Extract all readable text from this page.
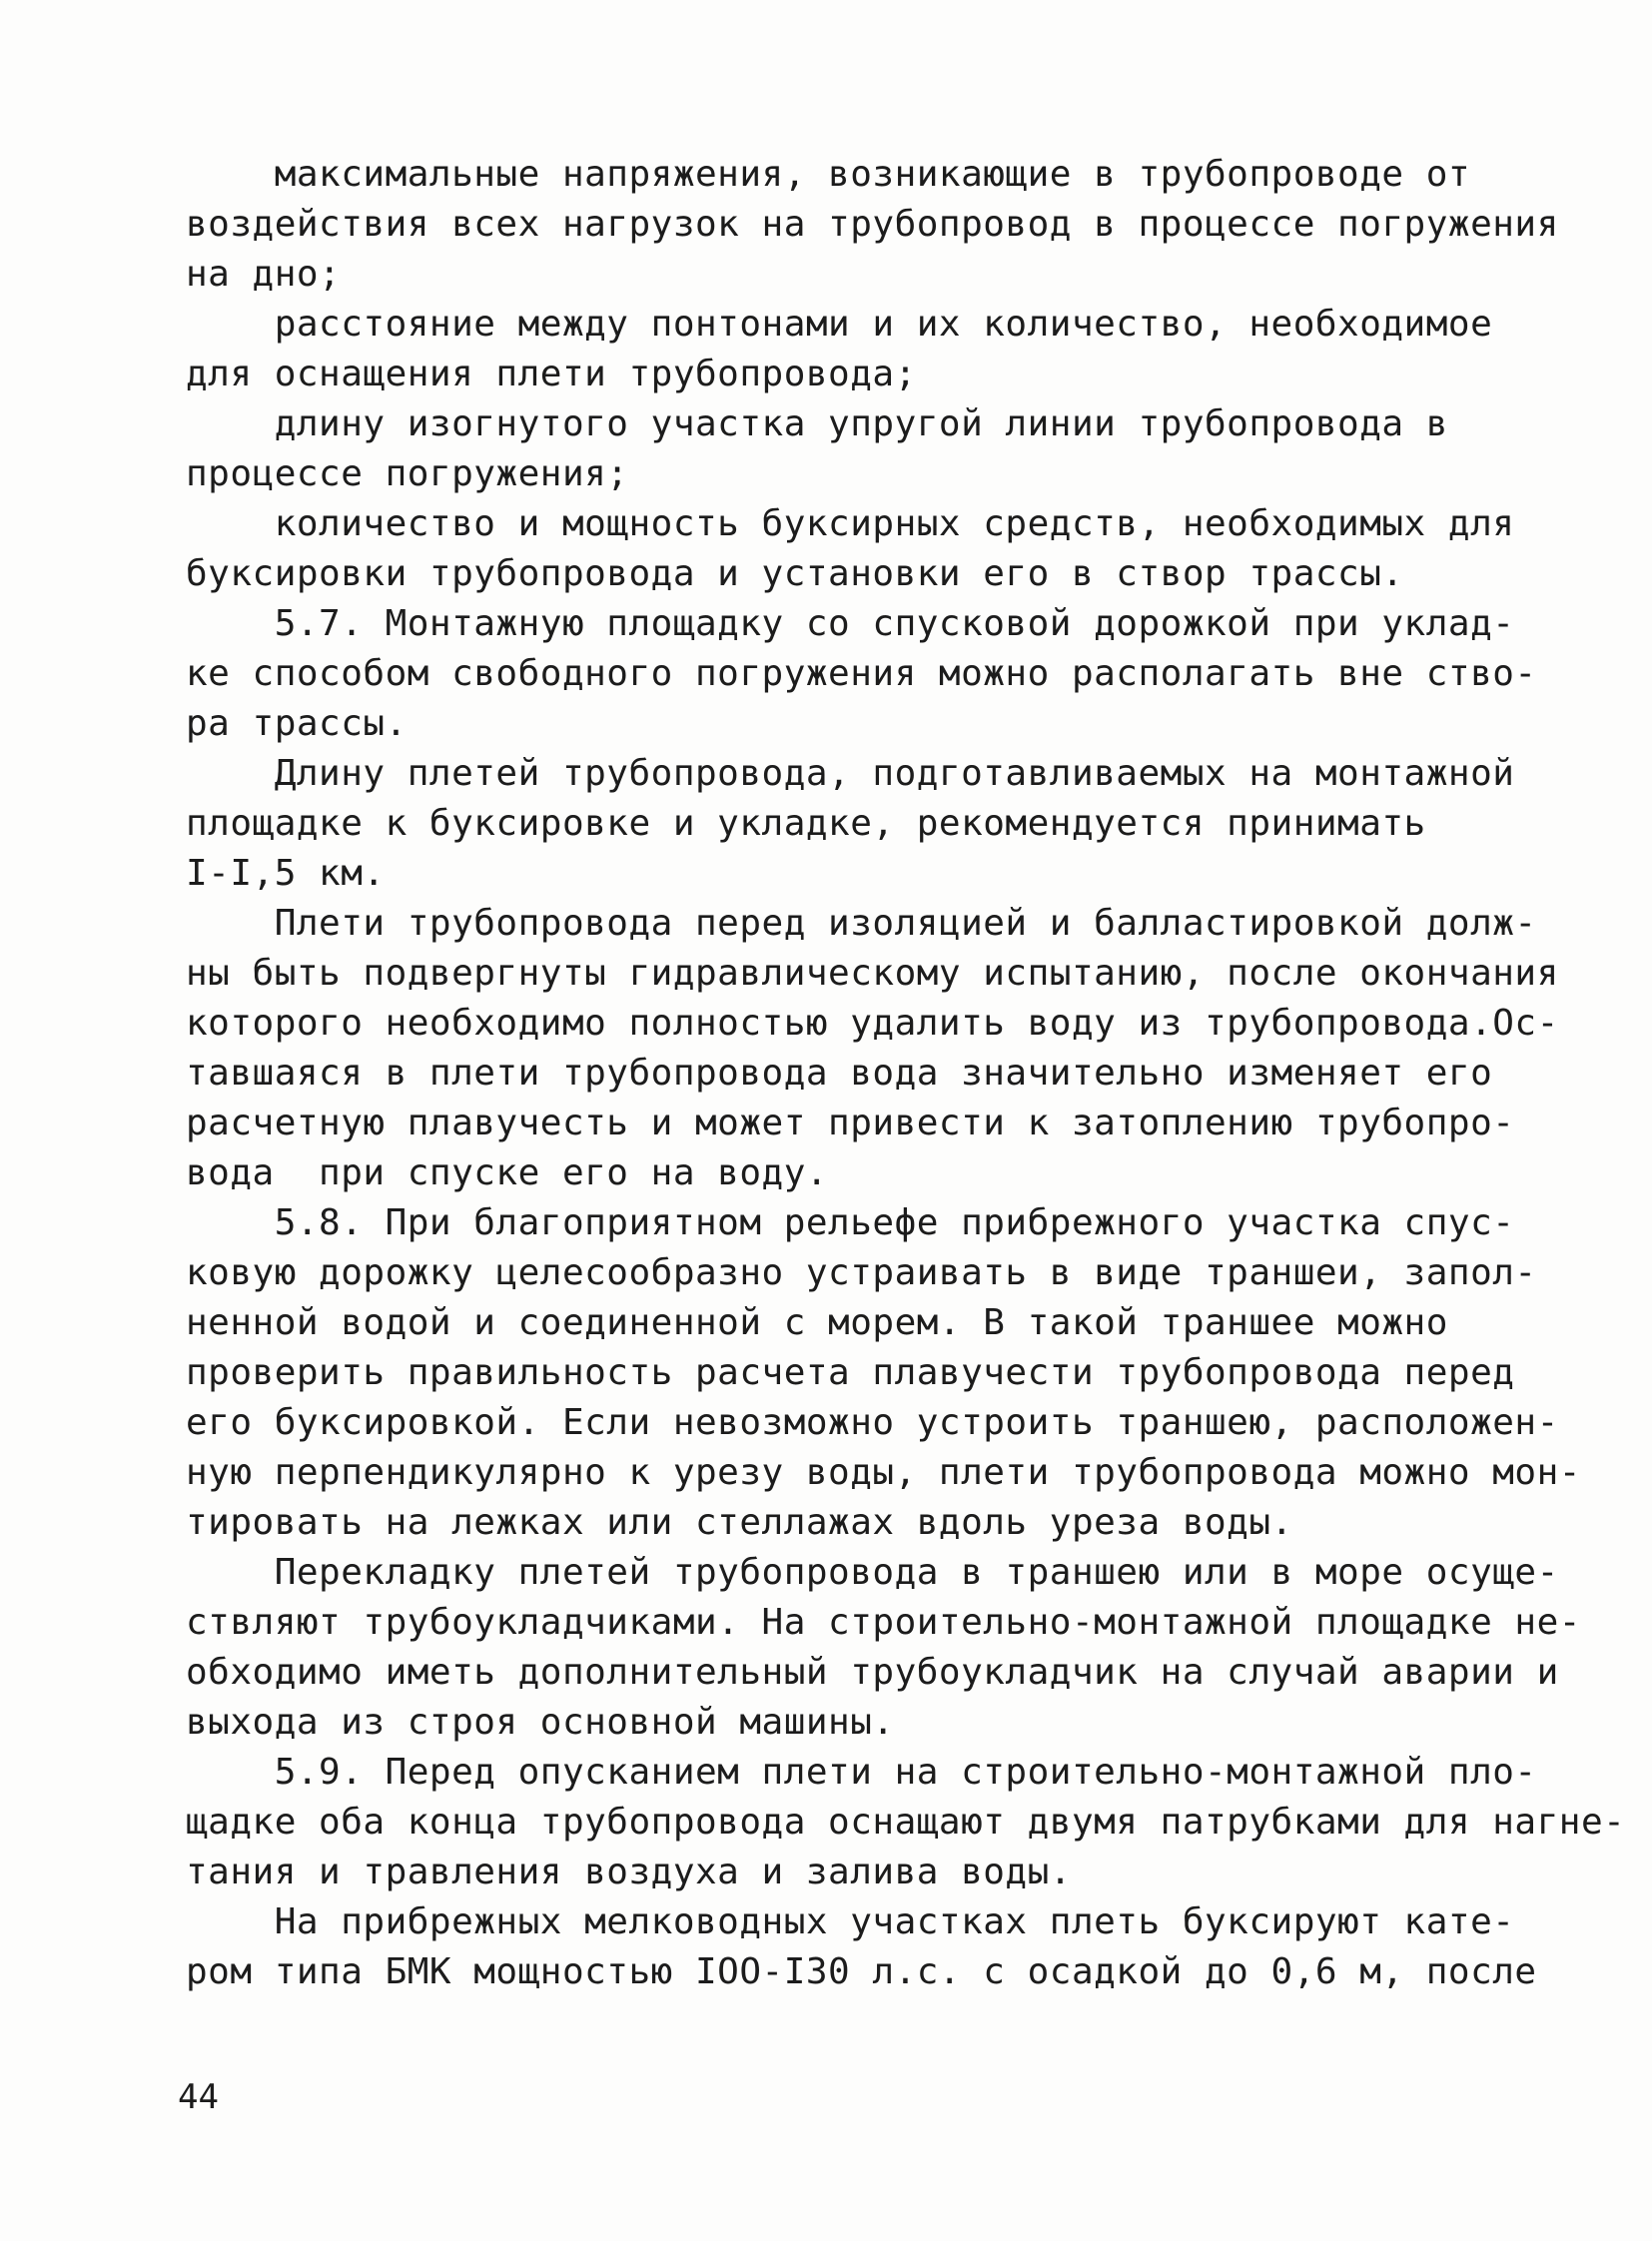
максимальные напряжения, возникающие в трубопроводе от
воздействия всех нагрузок на трубопровод в процессе погружения
на дно;
расстояние между понтонами и их количество, необходимое
для оснащения плети трубопровода;
длину изогнутого участка упругой линии трубопровода в
процессе погружения;
количество и мощность буксирных средств, необходимых для
буксировки трубопровода и установки его в створ трассы.
5.7. Монтажную площадку со спусковой дорожкой при уклад-
ке способом свободного погружения можно располагать вне ство-
ра трассы.
Длину плетей трубопровода, подготавливаемых на монтажной
площадке к буксировке и укладке, рекомендуется принимать
I-I,5 км.
Плети трубопровода перед изоляцией и балластировкой долж-
ны быть подвергнуты гидравлическому испытанию, после окончания
которого необходимо полностью удалить воду из трубопровода.Ос-
тавшаяся в плети трубопровода вода значительно изменяет его
расчетную плавучесть и может привести к затоплению трубопро-
вода  при спуске его на воду.
5.8. При благоприятном рельефе прибрежного участка спус-
ковую дорожку целесообразно устраивать в виде траншеи, запол-
ненной водой и соединенной с морем. В такой траншее можно
проверить правильность расчета плавучести трубопровода перед
его буксировкой. Если невозможно устроить траншею, расположен-
ную перпендикулярно к урезу воды, плети трубопровода можно мон-
тировать на лежках или стеллажах вдоль уреза воды.
Перекладку плетей трубопровода в траншею или в море осуще-
ствляют трубоукладчиками. На строительно-монтажной площадке не-
обходимо иметь дополнительный трубоукладчик на случай аварии и
выхода из строя основной машины.
5.9. Перед опусканием плети на строительно-монтажной пло-
щадке оба конца трубопровода оснащают двумя патрубками для нагне-
тания и травления воздуха и залива воды.
На прибрежных мелководных участках плеть буксируют кате-
ром типа БМК мощностью IOO-I30 л.с. с осадкой до 0,6 м, после
44
